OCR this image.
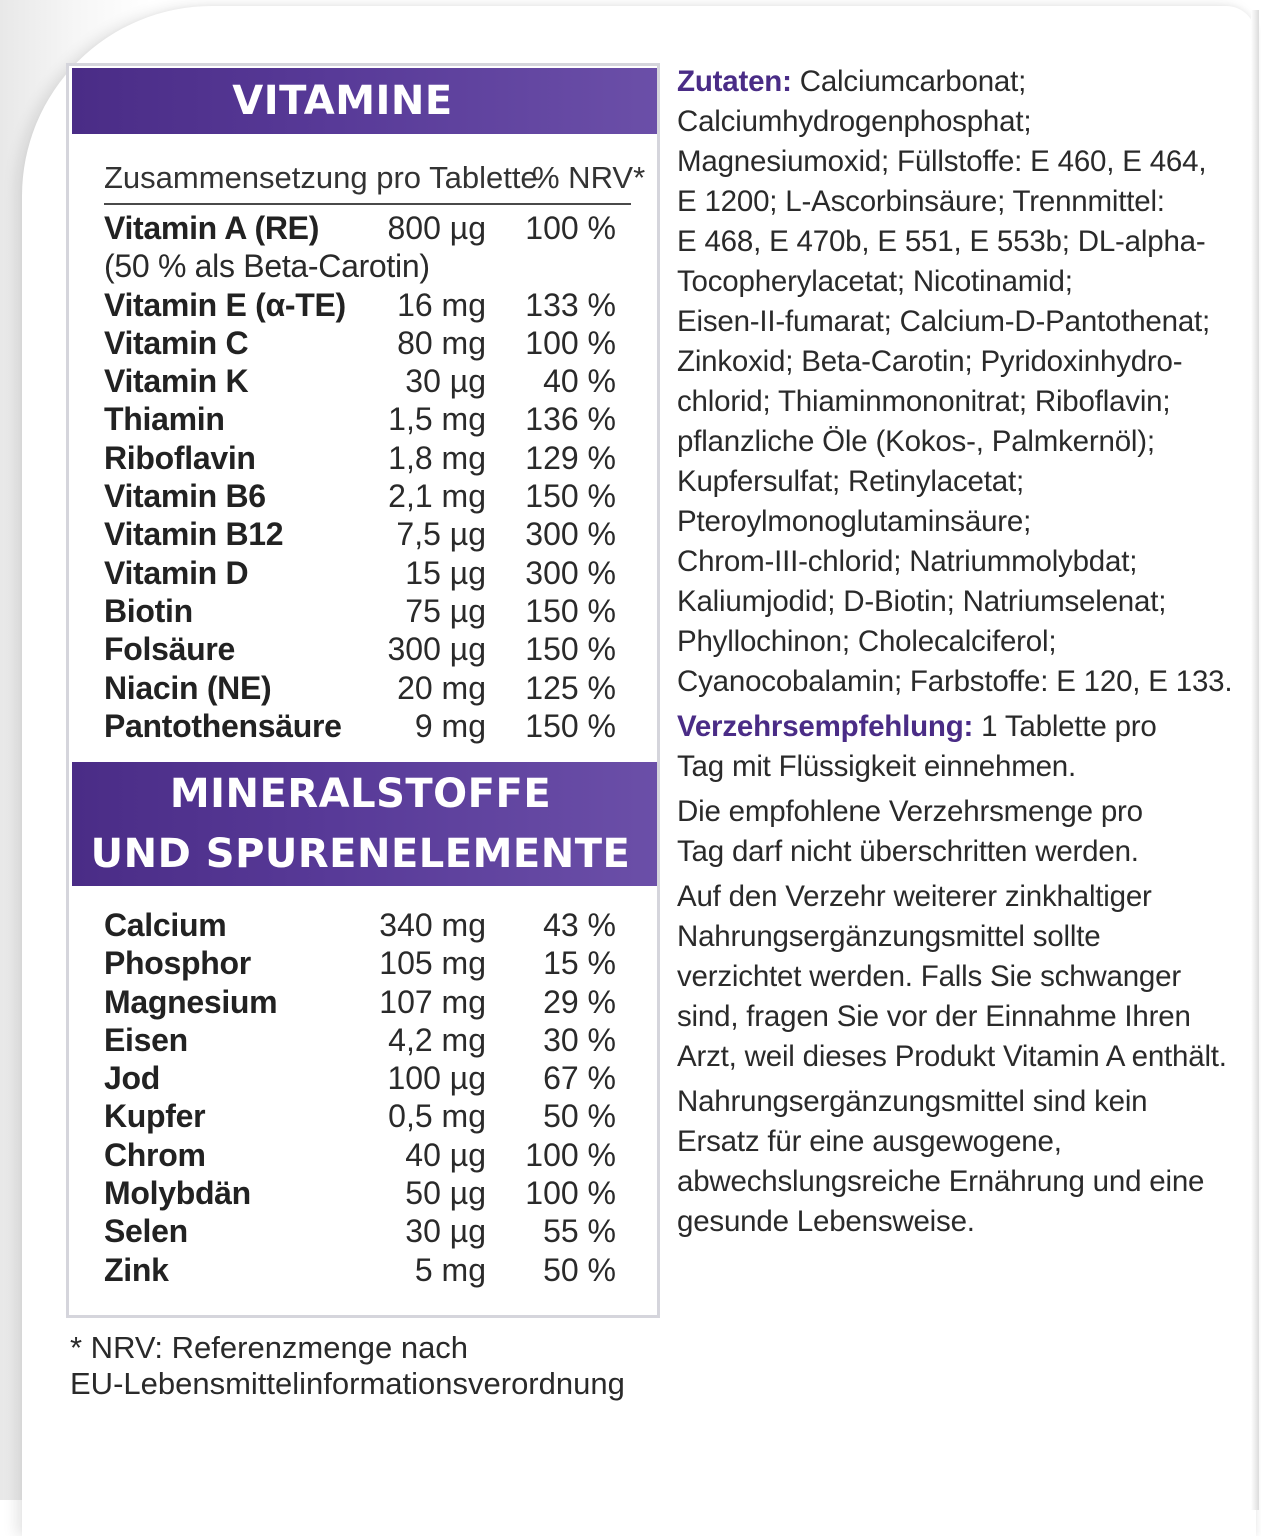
VITAMINE
Zusammensetzung pro Tablette
% NRV*
Vitamin A (RE) 800 µg 100 %
(50 % als Beta-Carotin)
Vitamin E (α-TE) 16 mg 133 %
Vitamin C	80 mg 100 %
Vitamin K	30 µg 40 %
Thiamin	1,5 mg 136 %
Riboflavin	1,8 mg 129 %
Vitamin B6	2,1 mg 150 %
Vitamin B12	7,5 µg 300 %
Vitamin D	15 µg 300 %
Biotin	75 µg 150 %
Folsäure	300 µg 150 %
Niacin (NE)	20 mg 125 %
Pantothensäure 9 mg 150 %
MINERALSTOFFE
UND SPURENELEMENTE
Calcium	340 mg 43 %
Phosphor	105 mg 15 %
Magnesium	107 mg 29 %
Eisen	4,2 mg 30 %
Jod	100 µg 67 %
Kupfer	0,5 mg 50 %
Chrom	40 µg 100 %
Molybdän	50 µg 100 %
Selen	30 µg 55 %
Zink	5 mg 50 %
* NRV: Referenzmenge nach
EU-Lebensmittelinformationsverordnung

Zutaten: Calciumcarbonat;
Calciumhydrogenphosphat;
Magnesiumoxid; Füllstoffe: E 460, E 464,
E 1200; L-Ascorbinsäure; Trennmittel:
E 468, E 470b, E 551, E 553b; DL-alpha-
Tocopherylacetat; Nicotinamid;
Eisen-II-fumarat; Calcium-D-Pantothenat;
Zinkoxid; Beta-Carotin; Pyridoxinhydro-
chlorid; Thiaminmononitrat; Riboflavin;
pflanzliche Öle (Kokos-, Palmkernöl);
Kupfersulfat; Retinylacetat;
Pteroylmonoglutaminsäure;
Chrom-III-chlorid; Natriummolybdat;
Kaliumjodid; D-Biotin; Natriumselenat;
Phyllochinon; Cholecalciferol;
Cyanocobalamin; Farbstoffe: E 120, E 133.

Verzehrsempfehlung: 1 Tablette pro
Tag mit Flüssigkeit einnehmen.

Die empfohlene Verzehrsmenge pro
Tag darf nicht überschritten werden.

Auf den Verzehr weiterer zinkhaltiger
Nahrungsergänzungsmittel sollte
verzichtet werden. Falls Sie schwanger
sind, fragen Sie vor der Einnahme Ihren
Arzt, weil dieses Produkt Vitamin A enthält.

Nahrungsergänzungsmittel sind kein
Ersatz für eine ausgewogene,
abwechslungsreiche Ernährung und eine
gesunde Lebensweise.
